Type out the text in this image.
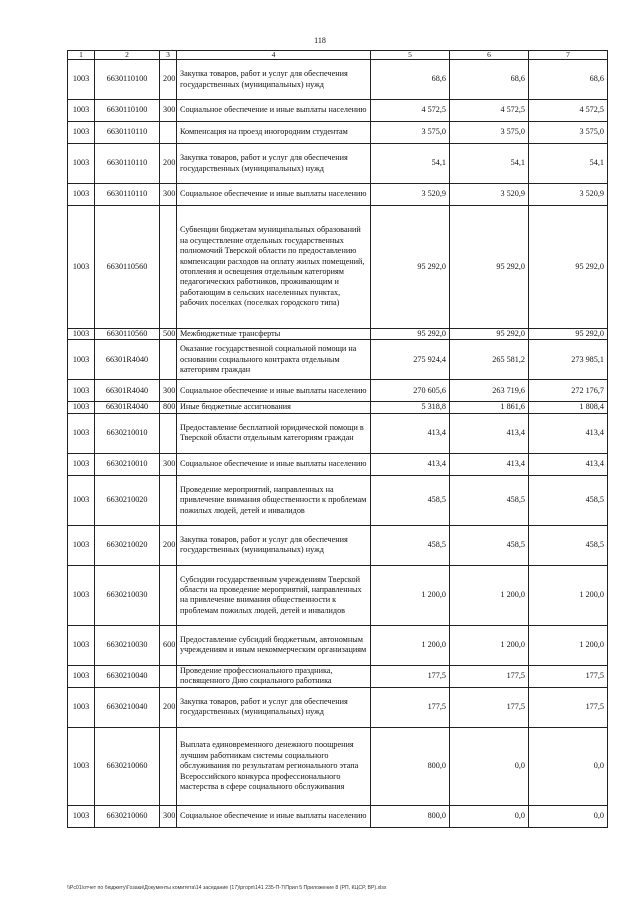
118
1	2	3	4	5	6	7
1003	6630110100	200	Закупка товаров, работ и услуг для обеспечения государственных (муниципальных) нужд	68,6	68,6	68,6
1003	6630110100	300	Социальное обеспечение и иные выплаты населению	4 572,5	4 572,5	4 572,5
1003	6630110110		Компенсация на проезд иногородним студентам	3 575,0	3 575,0	3 575,0
1003	6630110110	200	Закупка товаров, работ и услуг для обеспечения государственных (муниципальных) нужд	54,1	54,1	54,1
1003	6630110110	300	Социальное обеспечение и иные выплаты населению	3 520,9	3 520,9	3 520,9
1003	6630110560		Субвенции бюджетам муниципальных образований на осуществление отдельных государственных полномочий Тверской области по предоставлению компенсации расходов на оплату жилых помещений, отопления и освещения отдельным категориям педагогических работников, проживающим и работающим в сельских населенных пунктах, рабочих поселках (поселках городского типа)	95 292,0	95 292,0	95 292,0
1003	6630110560	500	Межбюджетные трансферты	95 292,0	95 292,0	95 292,0
1003	66301R4040		Оказание государственной социальной помощи на основании социального контракта отдельным категориям граждан	275 924,4	265 581,2	273 985,1
1003	66301R4040	300	Социальное обеспечение и иные выплаты населению	270 605,6	263 719,6	272 176,7
1003	66301R4040	800	Иные бюджетные ассигнования	5 318,8	1 861,6	1 808,4
1003	6630210010		Предоставление бесплатной юридической помощи в Тверской области отдельным категориям граждан	413,4	413,4	413,4
1003	6630210010	300	Социальное обеспечение и иные выплаты населению	413,4	413,4	413,4
1003	6630210020		Проведение мероприятий, направленных на привлечение внимания общественности к проблемам пожилых людей, детей и инвалидов	458,5	458,5	458,5
1003	6630210020	200	Закупка товаров, работ и услуг для обеспечения государственных (муниципальных) нужд	458,5	458,5	458,5
1003	6630210030		Субсидии государственным учреждениям Тверской области на проведение мероприятий, направленных на привлечение внимания общественности к проблемам пожилых людей, детей и инвалидов	1 200,0	1 200,0	1 200,0
1003	6630210030	600	Предоставление субсидий бюджетным, автономным учреждениям и иным некоммерческим организациям	1 200,0	1 200,0	1 200,0
1003	6630210040		Проведение профессионального праздника, посвященного Дню социального работника	177,5	177,5	177,5
1003	6630210040	200	Закупка товаров, работ и услуг для обеспечения государственных (муниципальных) нужд	177,5	177,5	177,5
1003	6630210060		Выплата единовременного денежного поощрения лучшим работникам системы социального обслуживания по результатам регионального этапа Всероссийского конкурса профессионального мастерства в сфере социального обслуживания	800,0	0,0	0,0
1003	6630210060	300	Социальное обеспечение и иные выплаты населению	800,0	0,0	0,0
\\Pc01\отчет по бюджету\Гозаки\Документы комитета\14 заседание (17)\ргорп\141 235-П-7\Прил 5 Приложение 8 (РП, КЦСР, ВР).xlsx
